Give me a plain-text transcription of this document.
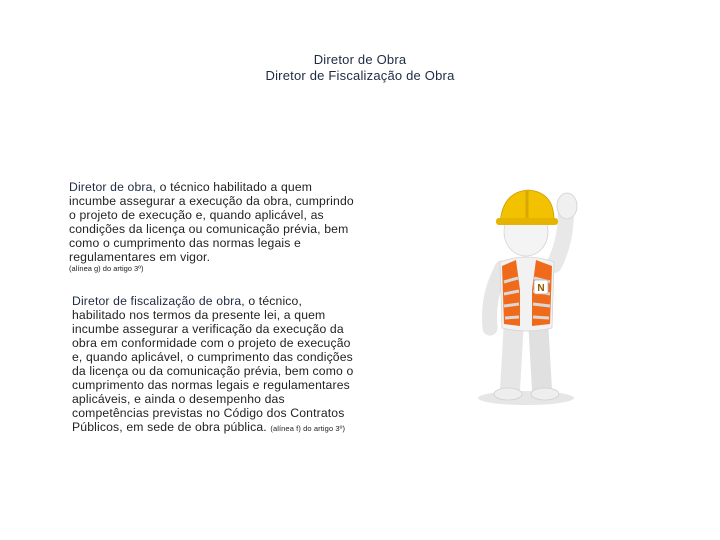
Diretor de Obra
Diretor de Fiscalização de Obra
Diretor de obra, o técnico habilitado a quem incumbe assegurar a execução da obra, cumprindo o projeto de execução e, quando aplicável, as condições da licença ou comunicação prévia, bem como o cumprimento das normas legais e regulamentares em vigor.
(alínea g) do artigo 3º)
Diretor de fiscalização de obra, o técnico, habilitado nos termos da presente lei, a quem incumbe assegurar a verificação da execução da obra em conformidade com o projeto de execução e, quando aplicável, o cumprimento das condições da licença ou da comunicação prévia, bem como o cumprimento das normas legais e regulamentares aplicáveis, e ainda o desempenho das competências previstas no Código dos Contratos Públicos, em sede de obra pública. (alínea f) do artigo 3º)
N
